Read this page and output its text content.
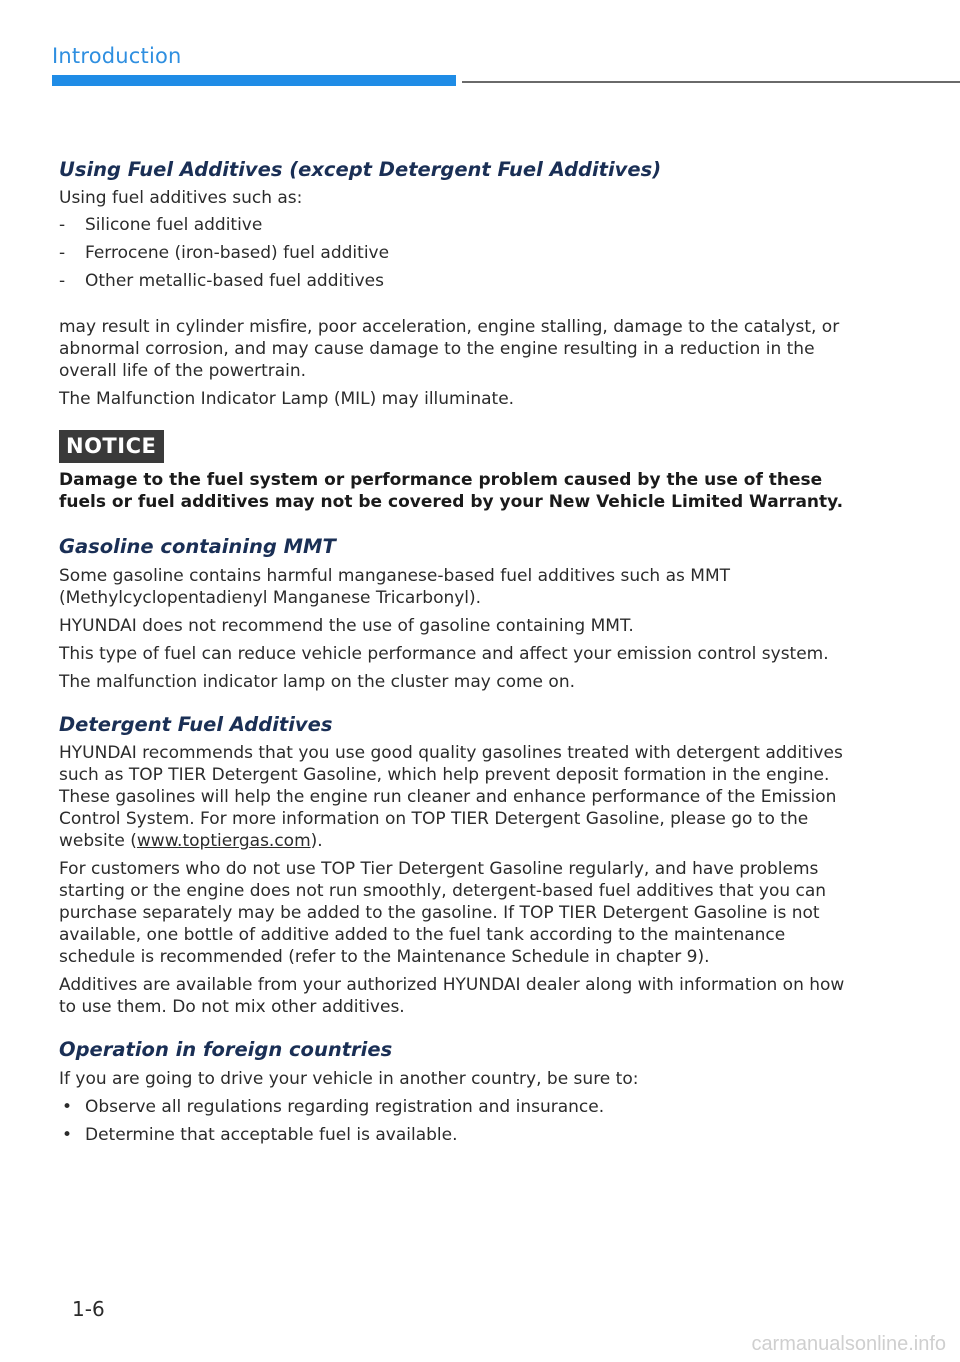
Introduction
Using Fuel Additives (except Detergent Fuel Additives)

Using fuel additives such as:

- Silicone fuel additive
- Ferrocene (iron-based) fuel additive
- Other metallic-based fuel additives

may result in cylinder misfire, poor acceleration, engine stalling, damage to the catalyst, or abnormal corrosion, and may cause damage to the engine resulting in a reduction in the overall life of the powertrain.

The Malfunction Indicator Lamp (MIL) may illuminate.

NOTICE

Damage to the fuel system or performance problem caused by the use of these fuels or fuel additives may not be covered by your New Vehicle Limited Warranty.

Gasoline containing MMT

Some gasoline contains harmful manganese-based fuel additives such as MMT (Methylcyclopentadienyl Manganese Tricarbonyl).

HYUNDAI does not recommend the use of gasoline containing MMT.

This type of fuel can reduce vehicle performance and affect your emission control system.

The malfunction indicator lamp on the cluster may come on.

Detergent Fuel Additives

HYUNDAI recommends that you use good quality gasolines treated with detergent additives such as TOP TIER Detergent Gasoline, which help prevent deposit formation in the engine. These gasolines will help the engine run cleaner and enhance performance of the Emission Control System. For more information on TOP TIER Detergent Gasoline, please go to the website (www.toptiergas.com).

For customers who do not use TOP Tier Detergent Gasoline regularly, and have problems starting or the engine does not run smoothly, detergent-based fuel additives that you can purchase separately may be added to the gasoline. If TOP TIER Detergent Gasoline is not available, one bottle of additive added to the fuel tank according to the maintenance schedule is recommended (refer to the Maintenance Schedule in chapter 9).

Additives are available from your authorized HYUNDAI dealer along with information on how to use them. Do not mix other additives.

Operation in foreign countries

If you are going to drive your vehicle in another country, be sure to:

• Observe all regulations regarding registration and insurance.
• Determine that acceptable fuel is available.
1-6
carmanualsonline.info
